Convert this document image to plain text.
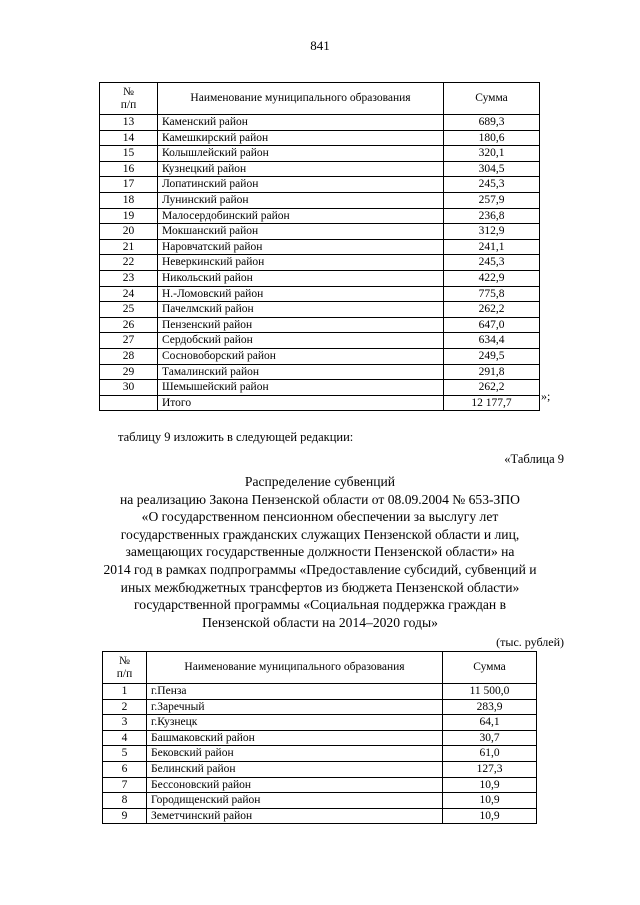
841
№
п/п	Наименование муниципального образования	Сумма
13	Каменский район	689,3
14	Камешкирский район	180,6
15	Колышлейский район	320,1
16	Кузнецкий район	304,5
17	Лопатинский район	245,3
18	Лунинский район	257,9
19	Малосердобинский район	236,8
20	Мокшанский район	312,9
21	Наровчатский район	241,1
22	Неверкинский район	245,3
23	Никольский район	422,9
24	Н.-Ломовский район	775,8
25	Пачелмский район	262,2
26	Пензенский район	647,0
27	Сердобский район	634,4
28	Сосновоборский район	249,5
29	Тамалинский район	291,8
30	Шемышейский район	262,2
	Итого	12 177,7 »;
таблицу 9 изложить в следующей редакции:
«Таблица 9
Распределение субвенций
на реализацию Закона Пензенской области от 08.09.2004 № 653-ЗПО
«О государственном пенсионном обеспечении за выслугу лет
государственных гражданских служащих Пензенской области и лиц,
замещающих государственные должности Пензенской области» на
2014 год в рамках подпрограммы «Предоставление субсидий, субвенций и
иных межбюджетных трансфертов из бюджета Пензенской области»
государственной программы «Социальная поддержка граждан в
Пензенской области на 2014–2020 годы»
(тыс. рублей)
№
п/п	Наименование муниципального образования	Сумма
1	г.Пенза	11 500,0
2	г.Заречный	283,9
3	г.Кузнецк	64,1
4	Башмаковский район	30,7
5	Бековский район	61,0
6	Белинский район	127,3
7	Бессоновский район	10,9
8	Городищенский район	10,9
9	Земетчинский район	10,9
